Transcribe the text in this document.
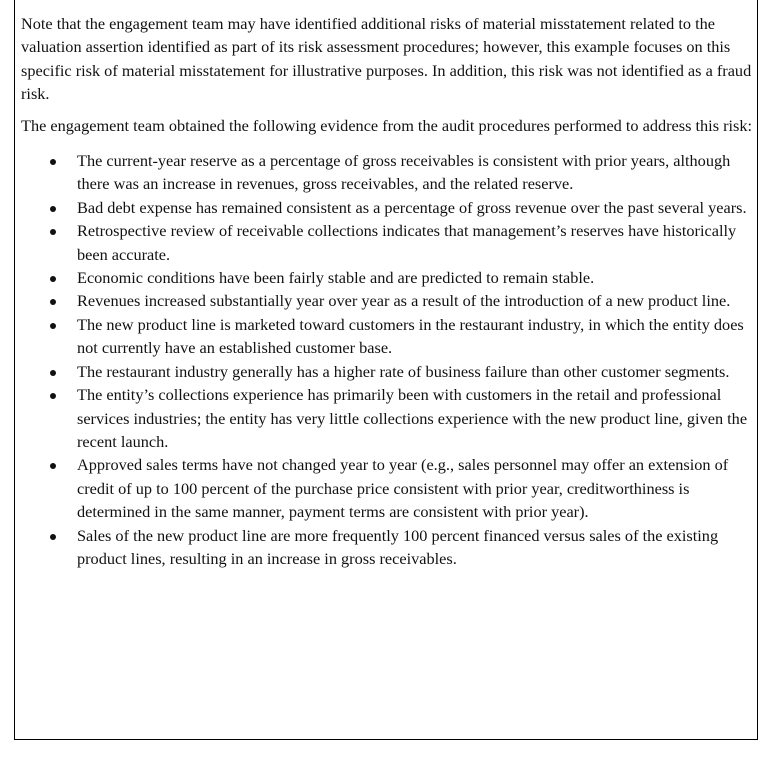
Note that the engagement team may have identified additional risks of material misstatement related to the valuation assertion identified as part of its risk assessment procedures; however, this example focuses on this specific risk of material misstatement for illustrative purposes. In addition, this risk was not identified as a fraud risk.

The engagement team obtained the following evidence from the audit procedures performed to address this risk:

The current-year reserve as a percentage of gross receivables is consistent with prior years, although there was an increase in revenues, gross receivables, and the related reserve.
Bad debt expense has remained consistent as a percentage of gross revenue over the past several years.
Retrospective review of receivable collections indicates that management’s reserves have historically been accurate.
Economic conditions have been fairly stable and are predicted to remain stable.
Revenues increased substantially year over year as a result of the introduction of a new product line.
The new product line is marketed toward customers in the restaurant industry, in which the entity does not currently have an established customer base.
The restaurant industry generally has a higher rate of business failure than other customer segments.
The entity’s collections experience has primarily been with customers in the retail and professional services industries; the entity has very little collections experience with the new product line, given the recent launch.
Approved sales terms have not changed year to year (e.g., sales personnel may offer an extension of credit of up to 100 percent of the purchase price consistent with prior year, creditworthiness is determined in the same manner, payment terms are consistent with prior year).
Sales of the new product line are more frequently 100 percent financed versus sales of the existing product lines, resulting in an increase in gross receivables.
